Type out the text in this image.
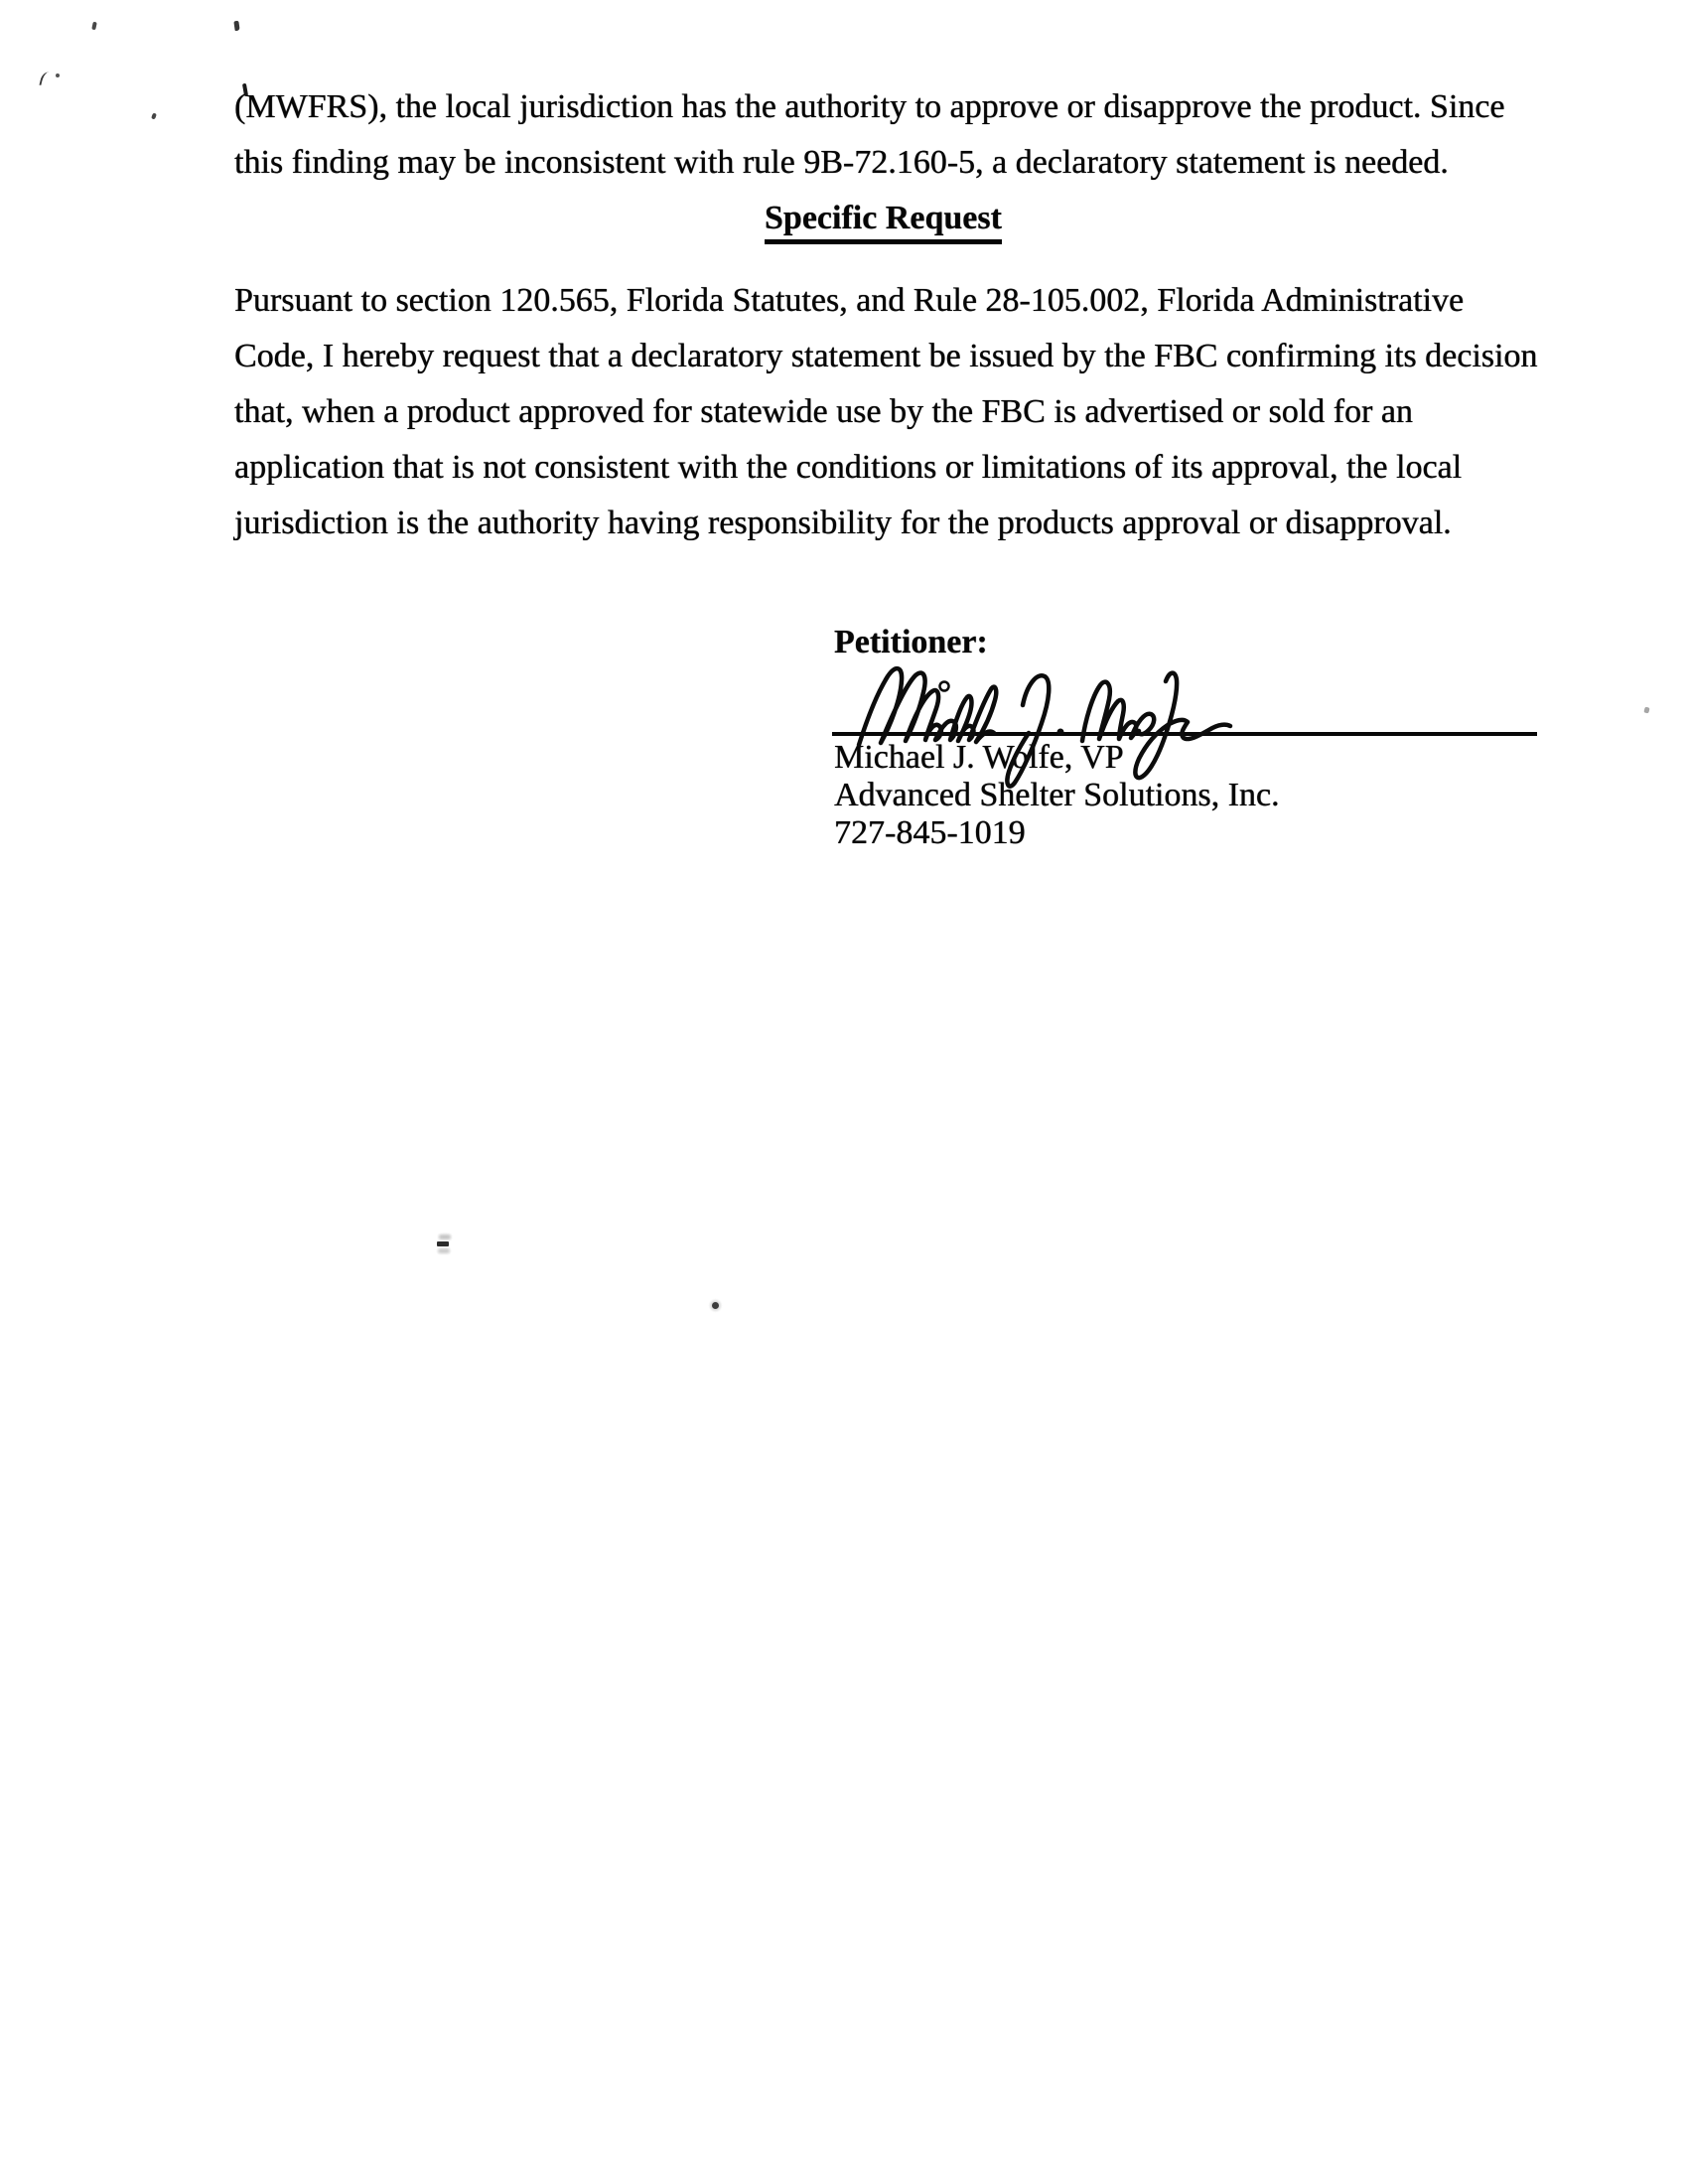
(MWFRS), the local jurisdiction has the authority to approve or disapprove the product. Since
this finding may be inconsistent with rule 9B-72.160-5, a declaratory statement is needed.
Specific Request
Pursuant to section 120.565, Florida Statutes, and Rule 28-105.002, Florida Administrative
Code, I hereby request that a declaratory statement be issued by the FBC confirming its decision
that, when a product approved for statewide use by the FBC is advertised or sold for an
application that is not consistent with the conditions or limitations of its approval, the local
jurisdiction is the authority having responsibility for the products approval or disapproval.
Petitioner:
Michael J. Wolfe, VP
Advanced Shelter Solutions, Inc.
727-845-1019
